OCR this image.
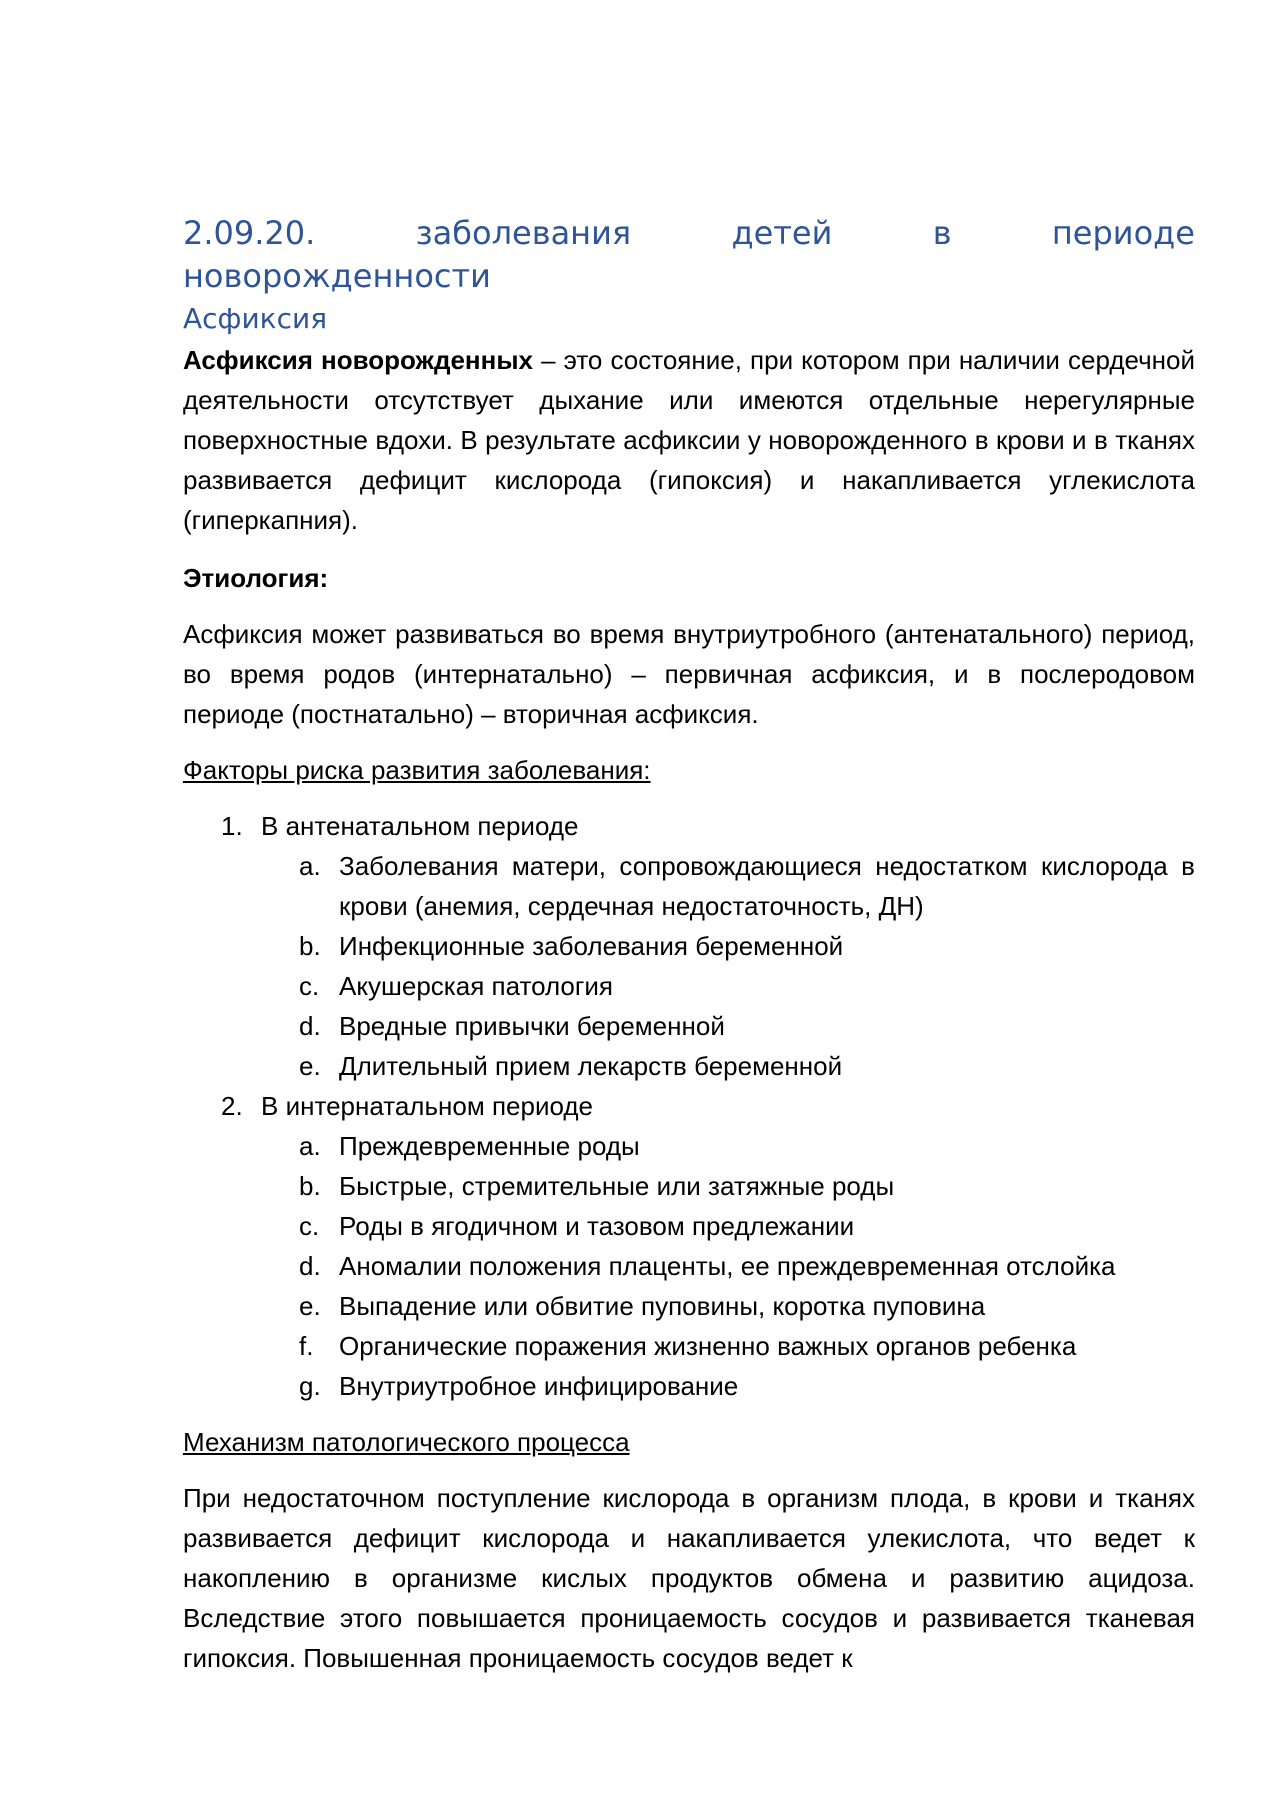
2.09.20.	заболевания	детей	в	периоде
новорожденности
Асфиксия

Асфиксия новорожденных – это состояние, при котором при наличии сердечной деятельности отсутствует дыхание или имеются отдельные нерегулярные поверхностные вдохи. В результате асфиксии у новорожденного в крови и в тканях развивается дефицит кислорода (гипоксия) и накапливается углекислота (гиперкапния).

Этиология:

Асфиксия может развиваться во время внутриутробного (антенатального) период, во время родов (интернатально) – первичная асфиксия, и в послеродовом периоде (постнатально) – вторичная асфиксия.

Факторы риска развития заболевания:

1. В антенатальном периоде
a. Заболевания матери, сопровождающиеся недостатком кислорода в крови (анемия, сердечная недостаточность, ДН)
b. Инфекционные заболевания беременной
c. Акушерская патология
d. Вредные привычки беременной
e. Длительный прием лекарств беременной
2. В интернатальном периоде
a. Преждевременные роды
b. Быстрые, стремительные или затяжные роды
c. Роды в ягодичном и тазовом предлежании
d. Аномалии положения плаценты, ее преждевременная отслойка
e. Выпадение или обвитие пуповины, коротка пуповина
f. Органические поражения жизненно важных органов ребенка
g. Внутриутробное инфицирование

Механизм патологического процесса

При недостаточном поступление кислорода в организм плода, в крови и тканях развивается дефицит кислорода и накапливается улекислота, что ведет к накоплению в организме кислых продуктов обмена и развитию ацидоза. Вследствие этого повышается проницаемость сосудов и развивается тканевая гипоксия. Повышенная проницаемость сосудов ведет к
